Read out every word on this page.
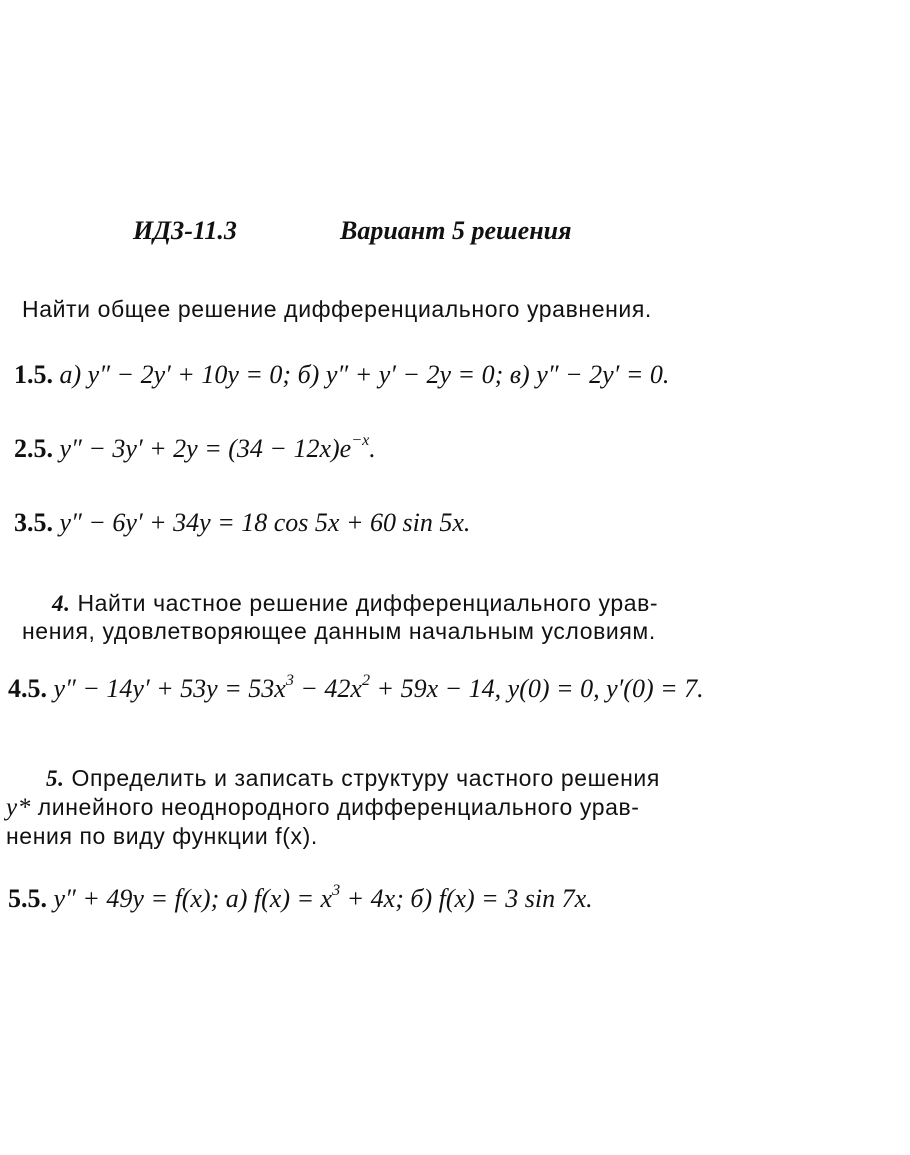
ИДЗ-11.3	Вариант 5 решения
Найти общее решение дифференциального уравнения.
1.5. а) y″ − 2y′ + 10y = 0; б) y″ + y′ − 2y = 0; в) y″ − 2y′ = 0.
2.5. $y'' - 3y' + 2y = (34 - 12x)e^{-x}$.
3.5. y″ − 6y′ + 34y = 18 cos 5x + 60 sin 5x.
4. Найти частное решение дифференциального урав-
нения, удовлетворяющее данным начальным условиям.
4.5. $y'' - 14y' + 53y = 53x^3 - 42x^2 + 59x - 14$, y(0) = 0, y′(0) = 7.
5. Определить и записать структуру частного решения
y* линейного неоднородного дифференциального урав-
нения по виду функции f(x).
5.5. y″ + 49y = f(x); а) $f(x) = x^3 + 4x$; б) f(x) = 3 sin 7x.
